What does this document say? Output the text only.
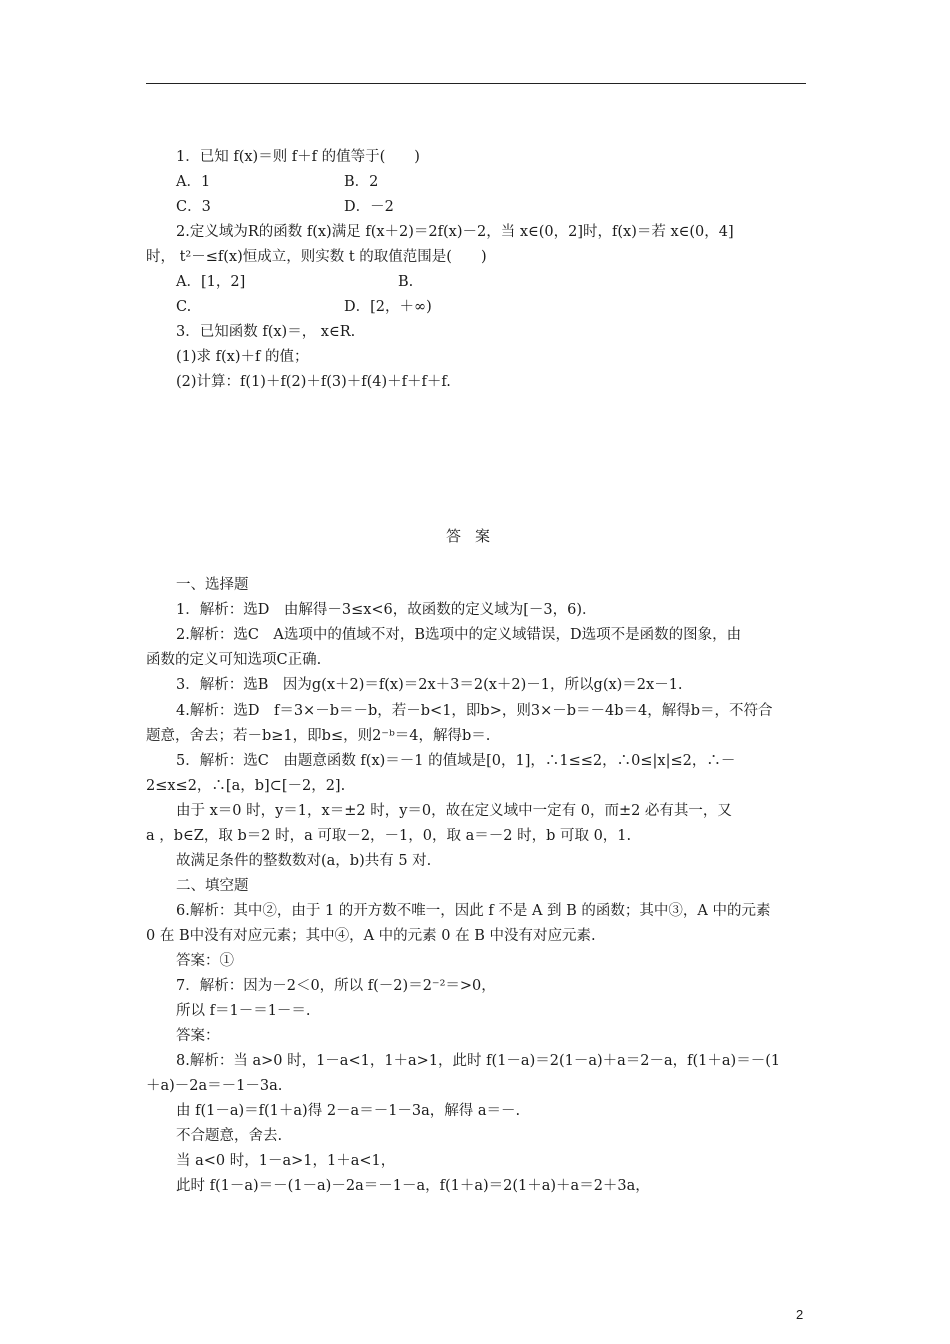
1．已知 f(x)＝则 f＋f 的值等于(　　)
A．1	B．2
C．3	D．－2
2.定义域为R的函数 f(x)满足 f(x＋2)＝2f(x)－2，当 x∈(0，2]时，f(x)＝若 x∈(0，4]
时， t²－≤f(x)恒成立，则实数 t 的取值范围是(　　)
A．[1，2]	B.
C.	D．[2，＋∞)
3．已知函数 f(x)＝， x∈R.
(1)求 f(x)＋f 的值；
(2)计算：f(1)＋f(2)＋f(3)＋f(4)＋f＋f＋f.
答案
一、选择题
1．解析：选D　由解得－3≤x<6，故函数的定义域为[－3，6)．
2.解析：选C　A选项中的值域不对，B选项中的定义域错误，D选项不是函数的图象，由
函数的定义可知选项C正确.
3．解析：选B　因为g(x＋2)＝f(x)＝2x＋3＝2(x＋2)－1，所以g(x)＝2x－1.
4.解析：选D　f＝3×－b＝－b，若－b<1，即b>，则3×－b＝－4b＝4，解得b＝，不符合
题意，舍去；若－b≥1，即b≤，则2⁻ᵇ＝4，解得b＝.
5．解析：选C　由题意函数 f(x)＝－1 的值域是[0，1]，∴1≤≤2，∴0≤|x|≤2，∴－
2≤x≤2，∴[a，b]⊂[－2，2].
由于 x＝0 时，y＝1，x＝±2 时，y＝0，故在定义域中一定有 0，而±2 必有其一，又
a ，b∈Z，取 b＝2 时，a 可取－2，－1，0，取 a＝－2 时，b 可取 0，1.
故满足条件的整数数对(a，b)共有 5 对.
二、填空题
6.解析：其中②，由于 1 的开方数不唯一，因此 f 不是 A 到 B 的函数；其中③，A 中的元素
0 在 B中没有对应元素；其中④，A 中的元素 0 在 B 中没有对应元素.
答案：①
7．解析：因为－2＜0，所以 f(－2)＝2⁻²＝>0，
所以 f＝1－＝1－＝.
答案：
8.解析：当 a>0 时，1－a<1，1＋a>1，此时 f(1－a)＝2(1－a)＋a＝2－a，f(1＋a)＝－(1
＋a)－2a＝－1－3a.
由 f(1－a)＝f(1＋a)得 2－a＝－1－3a，解得 a＝－.
不合题意，舍去.
当 a<0 时，1－a>1，1＋a<1，
此时 f(1－a)＝－(1－a)－2a＝－1－a，f(1＋a)＝2(1＋a)＋a＝2＋3a，
2
